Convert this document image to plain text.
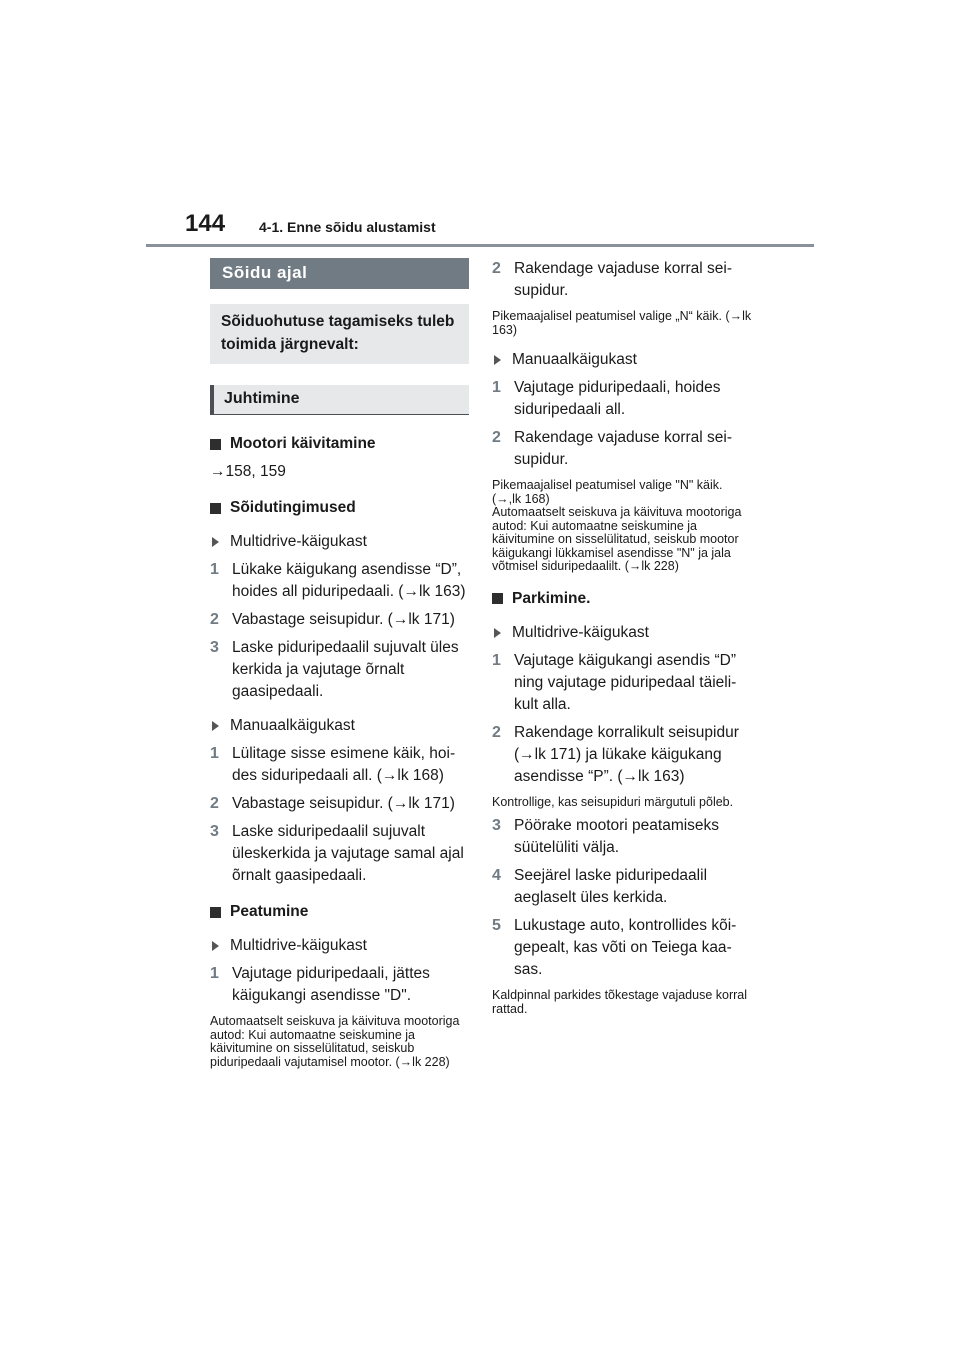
144 4-1. Enne sõidu alustamist
Sõidu ajal
Sõiduohutuse tagamiseks tuleb toimida järgnevalt:
Juhtimine
Mootori käivitamine
→158, 159
Sõidutingimused
Multidrive-käigukast
1 Lükake käigukang asendisse “D”, hoides all piduripedaali. (→lk 163)
2 Vabastage seisupidur. (→lk 171)
3 Laske piduripedaalil sujuvalt üles kerkida ja vajutage õrnalt gaasipedaali.
Manuaalkäigukast
1 Lülitage sisse esimene käik, hoides siduripedaali all. (→lk 168)
2 Vabastage seisupidur. (→lk 171)
3 Laske siduripedaalil sujuvalt üleskerkida ja vajutage samal ajal õrnalt gaasipedaali.
Peatumine
Multidrive-käigukast
1 Vajutage piduripedaali, jättes käigukangi asendisse "D".
Automaatselt seiskuva ja käivituva mootoriga autod: Kui automaatne seiskumine ja käivitumine on sisselülitatud, seiskub piduripedaali vajutamisel mootor. (→lk 228)
2 Rakendage vajaduse korral seisupidur.
Pikemaajalisel peatumisel valige „N“ käik. (→lk 163)
Manuaalkäigukast
1 Vajutage piduripedaali, hoides siduripedaali all.
2 Rakendage vajaduse korral seisupidur.
Pikemaajalisel peatumisel valige "N" käik. (→,lk 168)
Automaatselt seiskuva ja käivituva mootoriga autod: Kui automaatne seiskumine ja käivitumine on sisselülitatud, seiskub mootor käigukangi lükkamisel asendisse "N" ja jala võtmisel siduripedaalilt. (→lk 228)
Parkimine.
Multidrive-käigukast
1 Vajutage käigukangi asendis “D” ning vajutage piduripedaal täielikult alla.
2 Rakendage korralikult seisupidur (→lk 171) ja lükake käigukang asendisse “P”. (→lk 163)
Kontrollige, kas seisupiduri märgutuli põleb.
3 Pöörake mootori peatamiseks süütelüliti välja.
4 Seejärel laske piduripedaalil aeglaselt üles kerkida.
5 Lukustage auto, kontrollides kõigepealt, kas võti on Teiega kaasas.
Kaldpinnal parkides tõkestage vajaduse korral rattad.
